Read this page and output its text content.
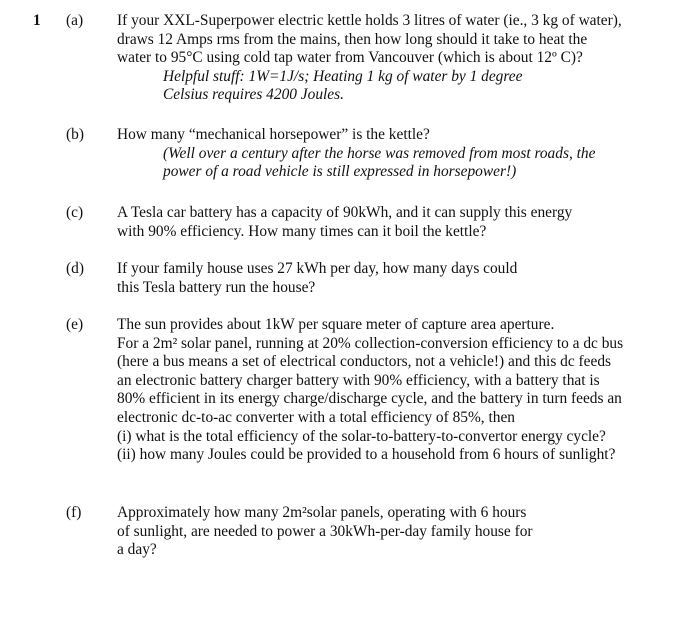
1 (a) If your XXL-Superpower electric kettle holds 3 litres of water (ie., 3 kg of water),
draws 12 Amps rms from the mains, then how long should it take to heat the
water to 95°C using cold tap water from Vancouver (which is about 12º C)?
Helpful stuff: 1W=1J/s; Heating 1 kg of water by 1 degree
Celsius requires 4200 Joules.
(b) How many “mechanical horsepower” is the kettle?
(Well over a century after the horse was removed from most roads, the
power of a road vehicle is still expressed in horsepower!)
(c) A Tesla car battery has a capacity of 90kWh, and it can supply this energy
with 90% efficiency. How many times can it boil the kettle?
(d) If your family house uses 27 kWh per day, how many days could
this Tesla battery run the house?
(e) The sun provides about 1kW per square meter of capture area aperture.
For a 2m² solar panel, running at 20% collection-conversion efficiency to a dc bus
(here a bus means a set of electrical conductors, not a vehicle!) and this dc feeds
an electronic battery charger battery with 90% efficiency, with a battery that is
80% efficient in its energy charge/discharge cycle, and the battery in turn feeds an
electronic dc-to-ac converter with a total efficiency of 85%, then
(i) what is the total efficiency of the solar-to-battery-to-convertor energy cycle?
(ii) how many Joules could be provided to a household from 6 hours of sunlight?
(f) Approximately how many 2m²solar panels, operating with 6 hours
of sunlight, are needed to power a 30kWh-per-day family house for
a day?
